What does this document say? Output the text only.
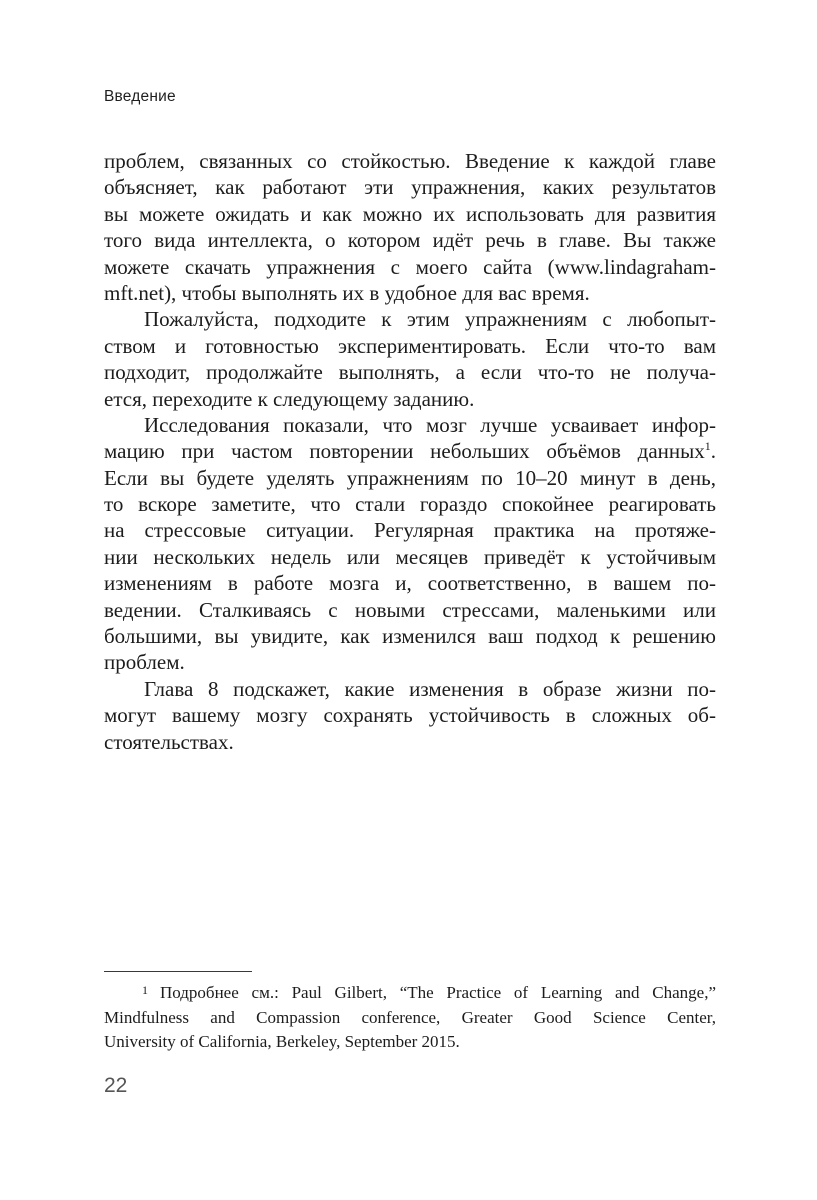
Введение
проблем, связанных со стойкостью. Введение к каждой главе
объясняет, как работают эти упражнения, каких результатов
вы можете ожидать и как можно их использовать для развития
того вида интеллекта, о котором идёт речь в главе. Вы также
можете скачать упражнения с моего сайта (www.lindagraham-
mft.net), чтобы выполнять их в удобное для вас время.
Пожалуйста, подходите к этим упражнениям с любопыт-
ством и готовностью экспериментировать. Если что-то вам
подходит, продолжайте выполнять, а если что-то не получа-
ется, переходите к следующему заданию.
Исследования показали, что мозг лучше усваивает инфор-
мацию при частом повторении небольших объёмов данных$^1$.
Если вы будете уделять упражнениям по 10–20 минут в день,
то вскоре заметите, что стали гораздо спокойнее реагировать
на стрессовые ситуации. Регулярная практика на протяже-
нии нескольких недель или месяцев приведёт к устойчивым
изменениям в работе мозга и, соответственно, в вашем по-
ведении. Сталкиваясь с новыми стрессами, маленькими или
большими, вы увидите, как изменился ваш подход к решению
проблем.
Глава 8 подскажет, какие изменения в образе жизни по-
могут вашему мозгу сохранять устойчивость в сложных об-
стоятельствах.
$^1$ Подробнее см.: Paul Gilbert, “The Practice of Learning and Change,”
Mindfulness and Compassion conference, Greater Good Science Center,
University of California, Berkeley, September 2015.
22
